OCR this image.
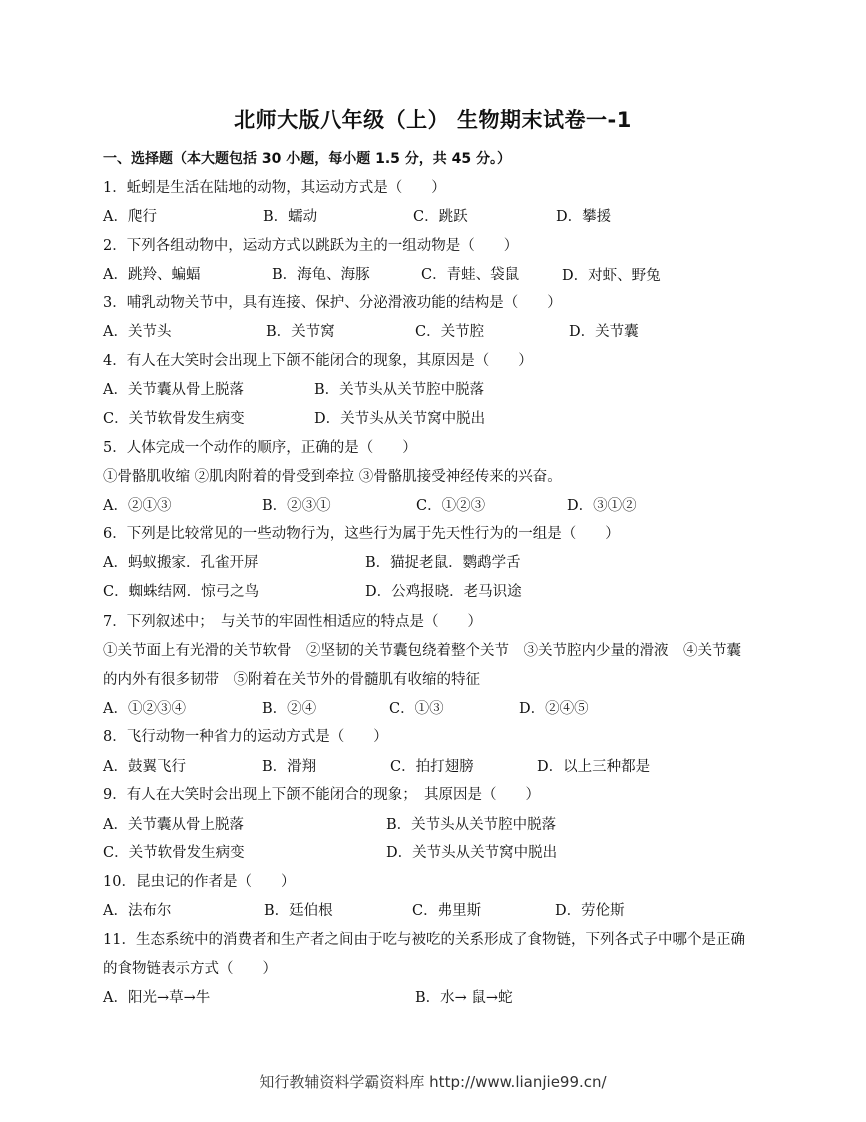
北师大版八年级（上） 生物期末试卷一-1
一、选择题（本大题包括 30 小题，每小题 1.5 分，共 45 分。）
1．蚯蚓是生活在陆地的动物，其运动方式是（　　）
A．爬行	B．蠕动	C．跳跃	D．攀援
2．下列各组动物中，运动方式以跳跃为主的一组动物是（　　）
A．跳羚、蝙蝠	B．海龟、海豚	C．青蛙、袋鼠	D．对虾、野兔
3．哺乳动物关节中，具有连接、保护、分泌滑液功能的结构是（　　）
A．关节头	B．关节窝	C．关节腔	D．关节囊
4．有人在大笑时会出现上下颌不能闭合的现象，其原因是（　　）
A．关节囊从骨上脱落	B．关节头从关节腔中脱落
C．关节软骨发生病变	D．关节头从关节窝中脱出
5．人体完成一个动作的顺序，正确的是（　　）
①骨骼肌收缩 ②肌肉附着的骨受到牵拉 ③骨骼肌接受神经传来的兴奋。
A．②①③	B．②③①	C．①②③	D．③①②
6．下列是比较常见的一些动物行为，这些行为属于先天性行为的一组是（　　）
A．蚂蚁搬家．孔雀开屏	B．猫捉老鼠．鹦鹉学舌
C．蜘蛛结网．惊弓之鸟	D．公鸡报晓．老马识途
7．下列叙述中；　与关节的牢固性相适应的特点是（　　）
①关节面上有光滑的关节软骨　②坚韧的关节囊包绕着整个关节　③关节腔内少量的滑液　④关节囊
的内外有很多韧带　⑤附着在关节外的骨髓肌有收缩的特征
A．①②③④	B．②④	C．①③	D．②④⑤
8．飞行动物一种省力的运动方式是（　　）
A．鼓翼飞行	B．滑翔	C．拍打翅膀	D．以上三种都是
9．有人在大笑时会出现上下颌不能闭合的现象；　其原因是（　　）
A．关节囊从骨上脱落	B．关节头从关节腔中脱落
C．关节软骨发生病变	D．关节头从关节窝中脱出
10．昆虫记的作者是（　　）
A．法布尔	B．廷伯根	C．弗里斯	D．劳伦斯
11．生态系统中的消费者和生产者之间由于吃与被吃的关系形成了食物链，下列各式子中哪个是正确
的食物链表示方式（　　）
A．阳光→草→牛	B．水→ 鼠→蛇
知行教辅资料学霸资料库 http://www.lianjie99.cn/
